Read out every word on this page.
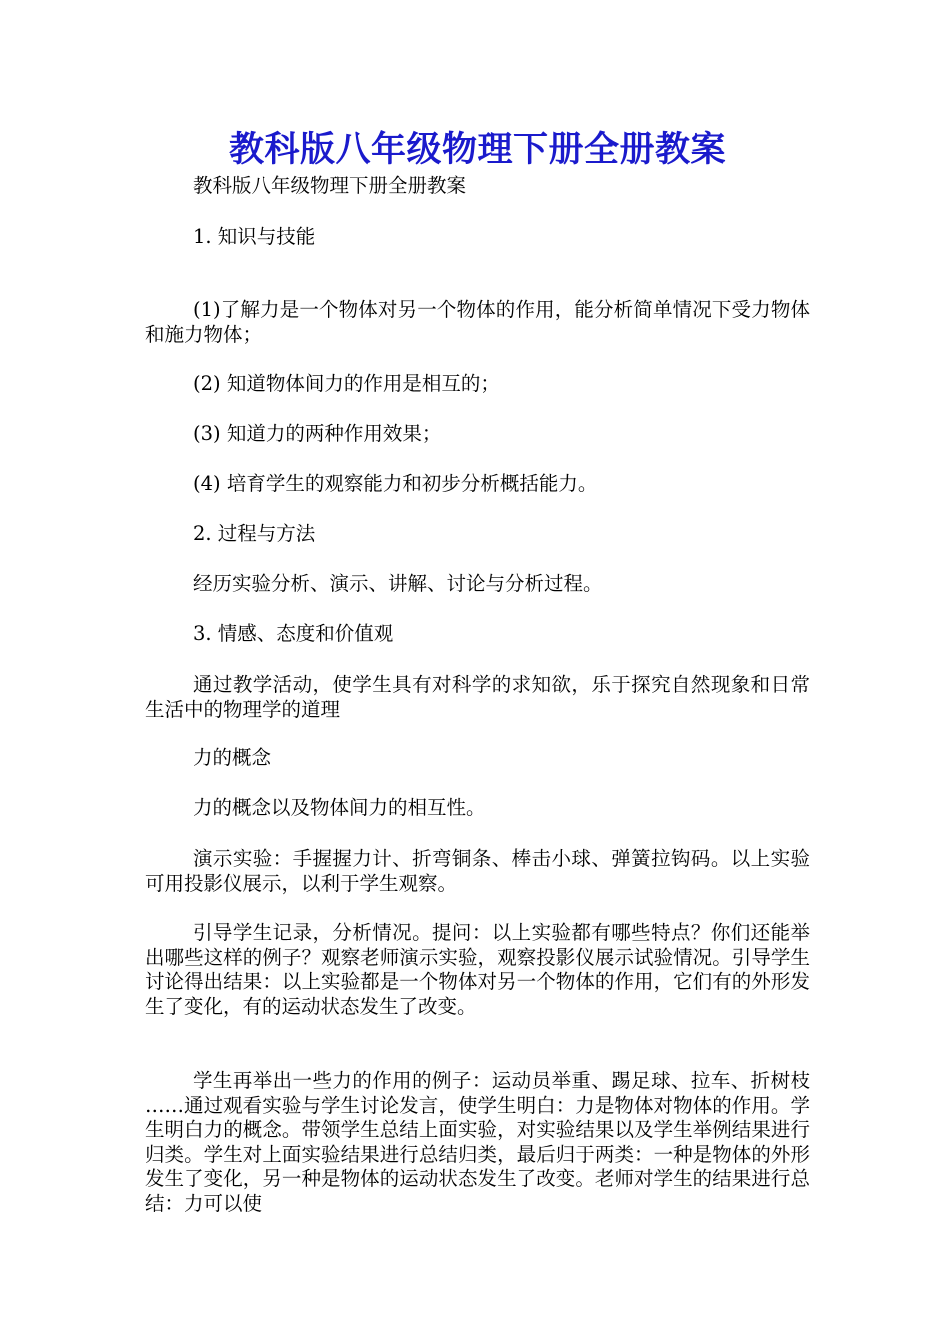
教科版八年级物理下册全册教案

教科版八年级物理下册全册教案

1. 知识与技能

(1)了解力是一个物体对另一个物体的作用，能分析简单情况下受力物体和施力物体；

(2) 知道物体间力的作用是相互的；

(3) 知道力的两种作用效果；

(4) 培育学生的观察能力和初步分析概括能力。

2. 过程与方法

经历实验分析、演示、讲解、讨论与分析过程。

3. 情感、态度和价值观

通过教学活动，使学生具有对科学的求知欲，乐于探究自然现象和日常生活中的物理学的道理

力的概念

力的概念以及物体间力的相互性。

演示实验：手握握力计、折弯铜条、棒击小球、弹簧拉钩码。以上实验可用投影仪展示，以利于学生观察。

引导学生记录，分析情况。提问：以上实验都有哪些特点？你们还能举出哪些这样的例子？观察老师演示实验，观察投影仪展示试验情况。引导学生讨论得出结果：以上实验都是一个物体对另一个物体的作用，它们有的外形发生了变化，有的运动状态发生了改变。

学生再举出一些力的作用的例子：运动员举重、踢足球、拉车、折树枝 ……通过观看实验与学生讨论发言，使学生明白：力是物体对物体的作用。学生明白力的概念。带领学生总结上面实验，对实验结果以及学生举例结果进行归类。学生对上面实验结果进行总结归类，最后归于两类：一种是物体的外形发生了变化，另一种是物体的运动状态发生了改变。老师对学生的结果进行总结：力可以使
